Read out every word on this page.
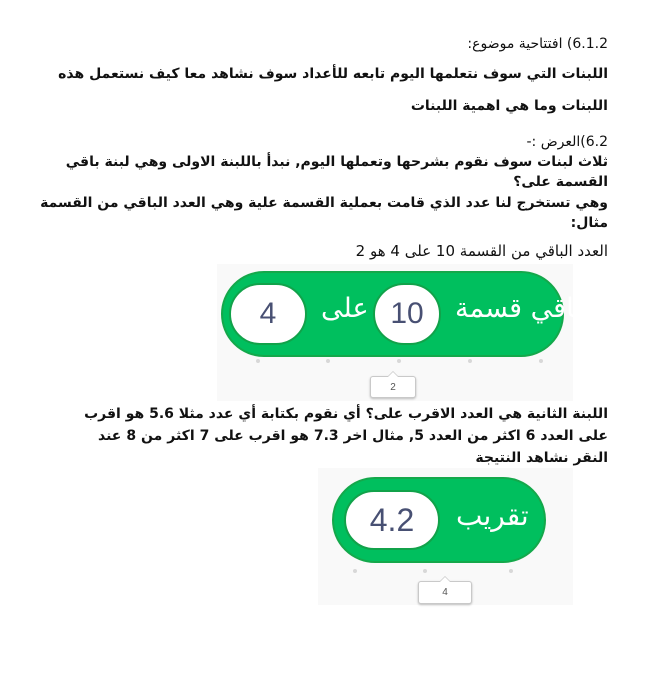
6.1.2) افتتاحية موضوع:
اللبنات التي سوف نتعلمها اليوم تابعه للأعداد سوف نشاهد معا كيف نستعمل هذه
اللبنات وما هي اهمية اللبنات
6.2)العرض :-
ثلاث لبنات سوف نقوم بشرحها وتعملها اليوم, نبدأ باللبنة الاولى وهي لبنة باقي
القسمة على؟
وهي تستخرج لنا عدد الذي قامت بعملية القسمة علية وهي العدد الباقي من القسمة
مثال:
العدد الباقي من القسمة 10 على 4 هو 2
4	على 10	باقي قسمة
2
اللبنة الثانية هي العدد الاقرب على؟ أي نقوم بكتابة أي عدد مثلا 5.6 هو اقرب
على العدد 6 اكثر من العدد 5, مثال اخر 7.3 هو اقرب على 7 اكثر من 8 عند
النقر نشاهد النتيجة
4.2	تقريب
4
